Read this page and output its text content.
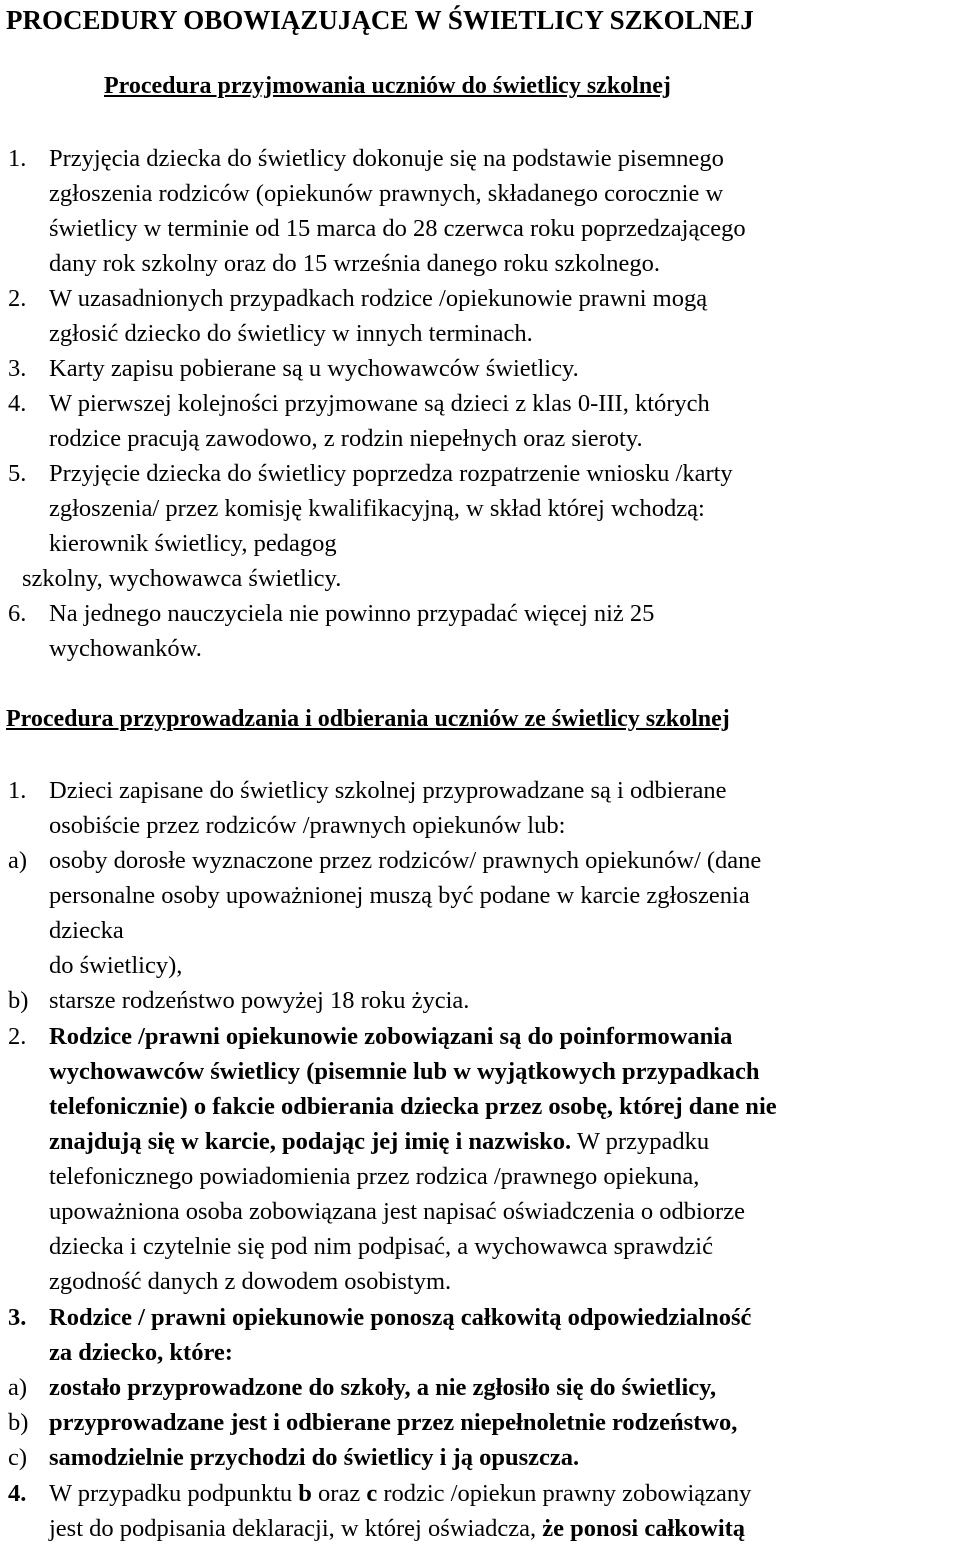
PROCEDURY OBOWIĄZUJĄCE W ŚWIETLICY SZKOLNEJ
Procedura przyjmowania uczniów do świetlicy szkolnej
1. Przyjęcia dziecka do świetlicy dokonuje się na podstawie pisemnego
zgłoszenia rodziców (opiekunów prawnych, składanego corocznie w
świetlicy w terminie od 15 marca do 28 czerwca roku poprzedzającego
dany rok szkolny oraz do 15 września danego roku szkolnego.
2. W uzasadnionych przypadkach rodzice /opiekunowie prawni mogą
zgłosić dziecko do świetlicy w innych terminach.
3. Karty zapisu pobierane są u wychowawców świetlicy.
4. W pierwszej kolejności przyjmowane są dzieci z klas 0-III, których
rodzice pracują zawodowo, z rodzin niepełnych oraz sieroty.
5. Przyjęcie dziecka do świetlicy poprzedza rozpatrzenie wniosku /karty
zgłoszenia/ przez komisję kwalifikacyjną, w skład której wchodzą:
kierownik świetlicy, pedagog
szkolny, wychowawca świetlicy.
6. Na jednego nauczyciela nie powinno przypadać więcej niż 25
wychowanków.
Procedura przyprowadzania i odbierania uczniów ze świetlicy szkolnej
1. Dzieci zapisane do świetlicy szkolnej przyprowadzane są i odbierane
osobiście przez rodziców /prawnych opiekunów lub:
a) osoby dorosłe wyznaczone przez rodziców/ prawnych opiekunów/ (dane
personalne osoby upoważnionej muszą być podane w karcie zgłoszenia
dziecka
do świetlicy),
b) starsze rodzeństwo powyżej 18 roku życia.
2. Rodzice /prawni opiekunowie zobowiązani są do poinformowania
wychowawców świetlicy (pisemnie lub w wyjątkowych przypadkach
telefonicznie) o fakcie odbierania dziecka przez osobę, której dane nie
znajdują się w karcie, podając jej imię i nazwisko. W przypadku
telefonicznego powiadomienia przez rodzica /prawnego opiekuna,
upoważniona osoba zobowiązana jest napisać oświadczenia o odbiorze
dziecka i czytelnie się pod nim podpisać, a wychowawca sprawdzić
zgodność danych z dowodem osobistym.
3. Rodzice / prawni opiekunowie ponoszą całkowitą odpowiedzialność
za dziecko, które:
a) zostało przyprowadzone do szkoły, a nie zgłosiło się do świetlicy,
b) przyprowadzane jest i odbierane przez niepełnoletnie rodzeństwo,
c) samodzielnie przychodzi do świetlicy i ją opuszcza.
4. W przypadku podpunktu b oraz c rodzic /opiekun prawny zobowiązany
jest do podpisania deklaracji, w której oświadcza, że ponosi całkowitą
